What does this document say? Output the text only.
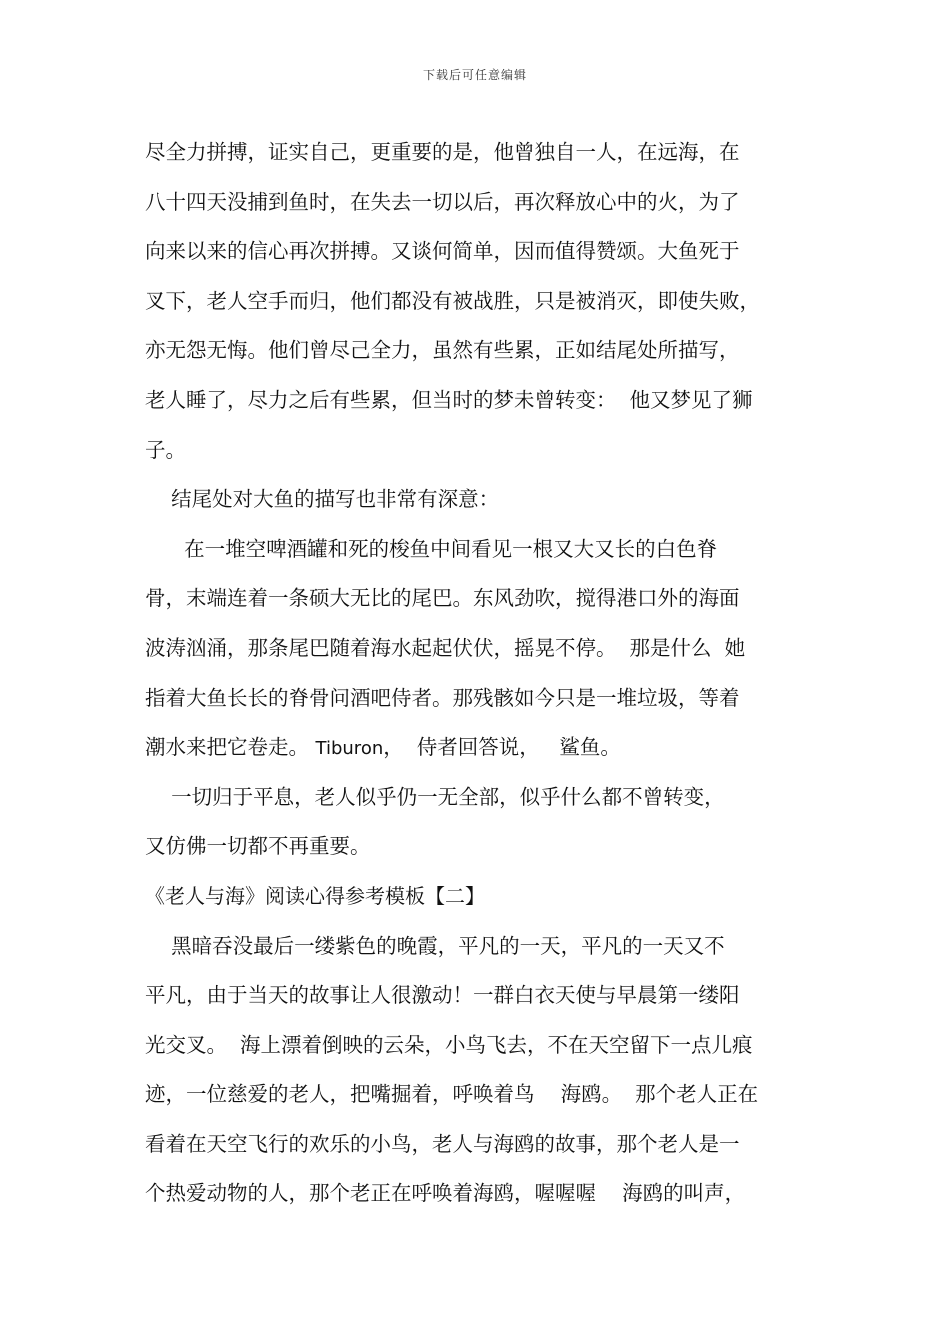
下载后可任意编辑
尽全力拼搏，证实自己，更重要的是，他曾独自一人，在远海，在
八十四天没捕到鱼时，在失去一切以后，再次释放心中的火，为了
向来以来的信心再次拼搏。又谈何简单，因而值得赞颂。大鱼死于
叉下，老人空手而归，他们都没有被战胜，只是被消灭，即使失败，
亦无怨无悔。他们曾尽己全力，虽然有些累，正如结尾处所描写，
老人睡了，尽力之后有些累，但当时的梦未曾转变：  他又梦见了狮
子。
结尾处对大鱼的描写也非常有深意：
在一堆空啤酒罐和死的梭鱼中间看见一根又大又长的白色脊
骨，末端连着一条硕大无比的尾巴。东风劲吹，搅得港口外的海面
波涛汹涌，那条尾巴随着海水起起伏伏，摇晃不停。  那是什么  她
指着大鱼长长的脊骨问酒吧侍者。那残骸如今只是一堆垃圾，等着
潮水来把它卷走。 Tiburon，  侍者回答说，   鲨鱼。
一切归于平息，老人似乎仍一无全部，似乎什么都不曾转变，
又仿佛一切都不再重要。
《老人与海》阅读心得参考模板【二】
黑暗吞没最后一缕紫色的晚霞，平凡的一天，平凡的一天又不
平凡，由于当天的故事让人很激动！一群白衣天使与早晨第一缕阳
光交叉。  海上漂着倒映的云朵，小鸟飞去，不在天空留下一点儿痕
迹，一位慈爱的老人，把嘴掘着，呼唤着鸟    海鸥。  那个老人正在
看着在天空飞行的欢乐的小鸟，老人与海鸥的故事，那个老人是一
个热爱动物的人，那个老正在呼唤着海鸥，喔喔喔    海鸥的叫声，
